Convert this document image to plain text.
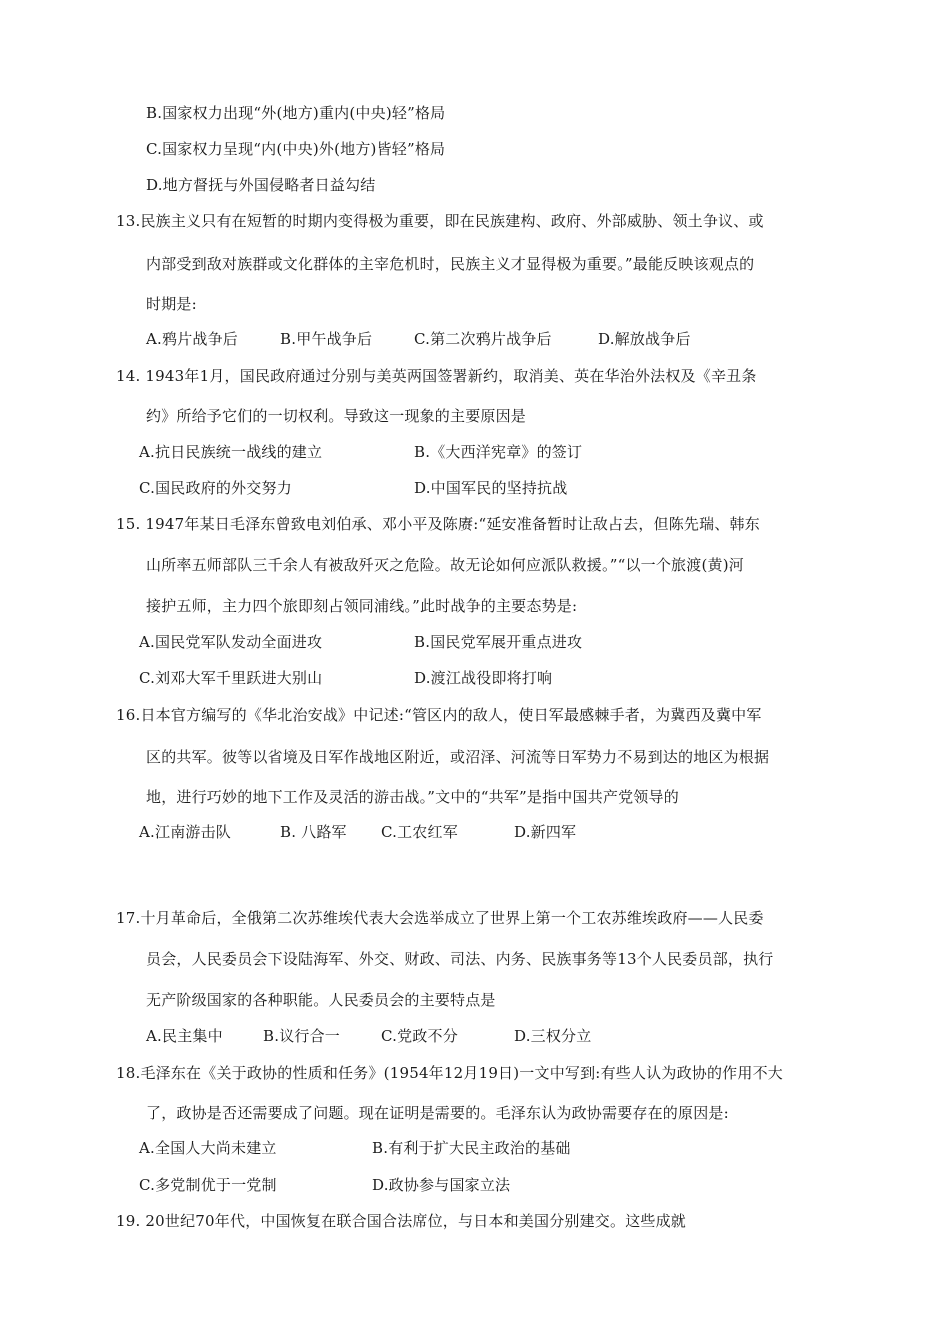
B.国家权力出现“外(地方)重内(中央)轻”格局
C.国家权力呈现“内(中央)外(地方)皆轻”格局
D.地方督抚与外国侵略者日益勾结
13.民族主义只有在短暂的时期内变得极为重要，即在民族建构、政府、外部威胁、领土争议、或
内部受到敌对族群或文化群体的主宰危机时，民族主义才显得极为重要。”最能反映该观点的
时期是:
A.鸦片战争后	B.甲午战争后	C.第二次鸦片战争后	D.解放战争后
14. 1943年1月，国民政府通过分别与美英两国签署新约，取消美、英在华治外法权及《辛丑条
约》所给予它们的一切权利。导致这一现象的主要原因是
A.抗日民族统一战线的建立	B.《大西洋宪章》的签订
C.国民政府的外交努力	D.中国军民的坚持抗战
15. 1947年某日毛泽东曾致电刘伯承、邓小平及陈赓:“延安准备暂时让敌占去，但陈先瑞、韩东
山所率五师部队三千余人有被敌歼灭之危险。故无论如何应派队救援。”“以一个旅渡(黄)河
接护五师，主力四个旅即刻占领同浦线。”此时战争的主要态势是:
A.国民党军队发动全面进攻	B.国民党军展开重点进攻
C.刘邓大军千里跃进大别山	D.渡江战役即将打响
16.日本官方编写的《华北治安战》中记述:“管区内的敌人，使日军最感棘手者，为冀西及冀中军
区的共军。彼等以省境及日军作战地区附近，或沼泽、河流等日军势力不易到达的地区为根据
地，进行巧妙的地下工作及灵活的游击战。”文中的“共军”是指中国共产党领导的
A.江南游击队	B. 八路军 C.工农红军	D.新四军
17.十月革命后，全俄第二次苏维埃代表大会选举成立了世界上第一个工农苏维埃政府——人民委
员会，人民委员会下设陆海军、外交、财政、司法、内务、民族事务等13个人民委员部，执行
无产阶级国家的各种职能。人民委员会的主要特点是
A.民主集中	B.议行合一	C.党政不分	D.三权分立
18.毛泽东在《关于政协的性质和任务》(1954年12月19日)一文中写到:有些人认为政协的作用不大
了，政协是否还需要成了问题。现在证明是需要的。毛泽东认为政协需要存在的原因是:
A.全国人大尚未建立	B.有利于扩大民主政治的基础
C.多党制优于一党制	D.政协参与国家立法
19. 20世纪70年代，中国恢复在联合国合法席位，与日本和美国分别建交。这些成就
